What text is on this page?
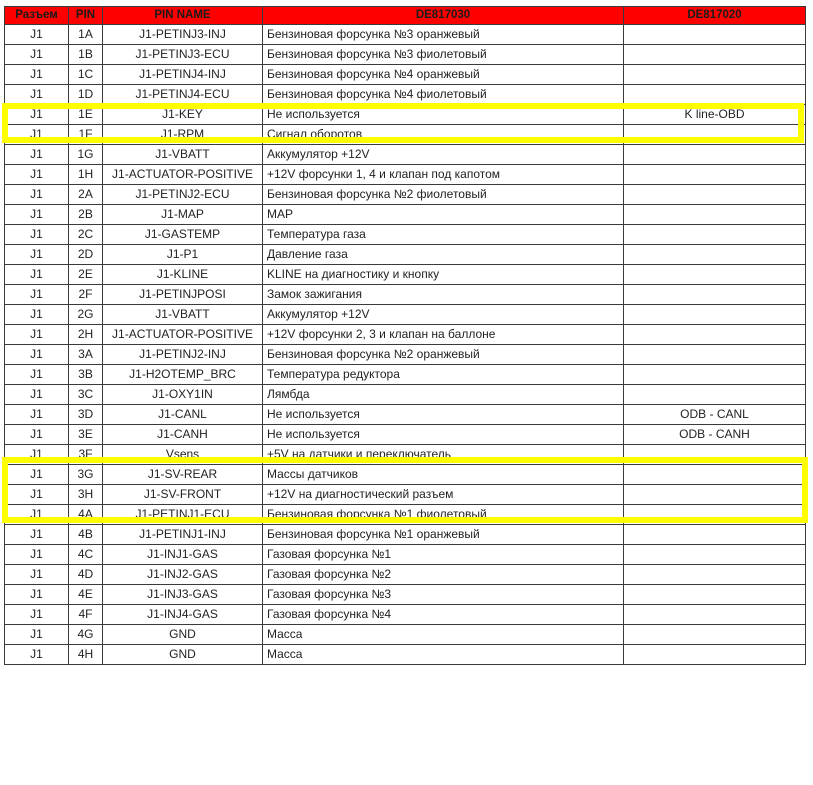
Разъем	PIN	PIN NAME	DE817030	DE817020
J1	1A	J1-PETINJ3-INJ	Бензиновая форсунка №3 оранжевый	
J1	1B	J1-PETINJ3-ECU	Бензиновая форсунка №3 фиолетовый	
J1	1C	J1-PETINJ4-INJ	Бензиновая форсунка №4 оранжевый	
J1	1D	J1-PETINJ4-ECU	Бензиновая форсунка №4 фиолетовый	
J1	1E	J1-KEY	Не используется	K line-OBD
J1	1F	J1-RPM	Сигнал оборотов	
J1	1G	J1-VBATT	Аккумулятор +12V	
J1	1H	J1-ACTUATOR-POSITIVE	+12V форсунки 1, 4 и клапан под капотом	
J1	2A	J1-PETINJ2-ECU	Бензиновая форсунка №2 фиолетовый	
J1	2B	J1-MAP	MAP	
J1	2C	J1-GASTEMP	Температура газа	
J1	2D	J1-P1	Давление газа	
J1	2E	J1-KLINE	KLINE на диагностику и кнопку	
J1	2F	J1-PETINJPOSI	Замок зажигания	
J1	2G	J1-VBATT	Аккумулятор +12V	
J1	2H	J1-ACTUATOR-POSITIVE	+12V форсунки 2, 3 и клапан на баллоне	
J1	3A	J1-PETINJ2-INJ	Бензиновая форсунка №2 оранжевый	
J1	3B	J1-H2OTEMP_BRC	Температура редуктора	
J1	3C	J1-OXY1IN	Лямбда	
J1	3D	J1-CANL	Не используется	ODB - CANL
J1	3E	J1-CANH	Не используется	ODB - CANH
J1	3F	Vsens	+5V на датчики и переключатель	
J1	3G	J1-SV-REAR	Массы датчиков	
J1	3H	J1-SV-FRONT	+12V на диагностический разъем	
J1	4A	J1-PETINJ1-ECU	Бензиновая форсунка №1 фиолетовый	
J1	4B	J1-PETINJ1-INJ	Бензиновая форсунка №1 оранжевый	
J1	4C	J1-INJ1-GAS	Газовая форсунка №1	
J1	4D	J1-INJ2-GAS	Газовая форсунка №2	
J1	4E	J1-INJ3-GAS	Газовая форсунка №3	
J1	4F	J1-INJ4-GAS	Газовая форсунка №4	
J1	4G	GND	Масса	
J1	4H	GND	Масса	
